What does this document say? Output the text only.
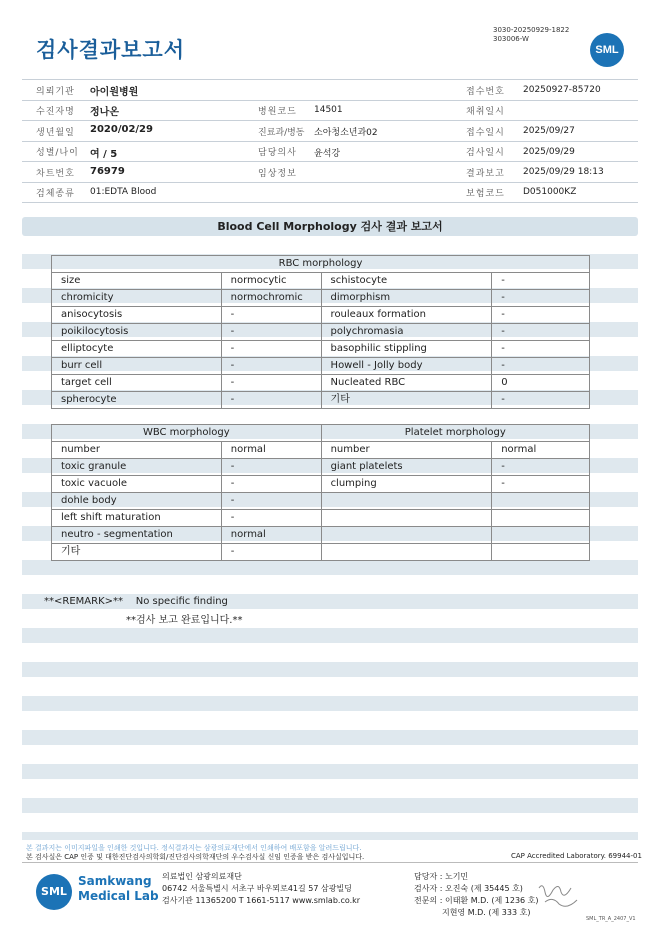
검사결과보고서
3030-20250929-1822
303006-W
SML
의뢰기관 아이원병원	접수번호 20250927-85720
수진자명 정나온	병원코드 14501	채취일시
생년월일 2020/02/29	진료과/병동 소아청소년과02	접수일시 2025/09/27
성별/나이 여 / 5	담당의사 윤석강	검사일시 2025/09/29
차트번호 76979	임상정보	결과보고 2025/09/29 18:13
검체종류 01:EDTA Blood	보험코드 D051000KZ
Blood Cell Morphology 검사 결과 보고서
RBC morphology			
size	normocytic	schistocyte	-
chromicity	normochromic	dimorphism	-
anisocytosis	-	rouleaux formation	-
poikilocytosis	-	polychromasia	-
elliptocyte	-	basophilic stippling	-
burr cell	-	Howell - Jolly body	-
target cell	-	Nucleated RBC	0
spherocyte	-	기타	-
WBC morphology		Platelet morphology	
number	normal	number	normal
toxic granule	-	giant platelets	-
toxic vacuole	-	clumping	-
dohle body	-		
left shift maturation	-		
neutro - segmentation	normal		
기타	-		
**<REMARK>** No specific finding
**검사 보고 완료입니다.**
본 결과지는 이미지파일을 인쇄한 것입니다. 정식결과지는 삼광의료재단에서 인쇄하여 배포함을 알려드립니다.
본 검사실은 CAP 인증 및 대한진단검사의학회/진단검사의학재단의 우수검사실 신임 인증을 받은 검사실입니다.	CAP Accredited Laboratory. 69944-01
SML
Samkwang
Medical Lab
의료법인 삼광의료재단
06742 서울특별시 서초구 바우뫼로41길 57 삼광빌딩
검사기관 11365200 T 1661-5117 www.smlab.co.kr
담당자 : 노기민
검사자 : 오진숙 (제 35445 호)
전문의 : 이태환 M.D. (제 1236 호)
지현영 M.D. (제 333 호)
SML_TR_A_2407_V1
